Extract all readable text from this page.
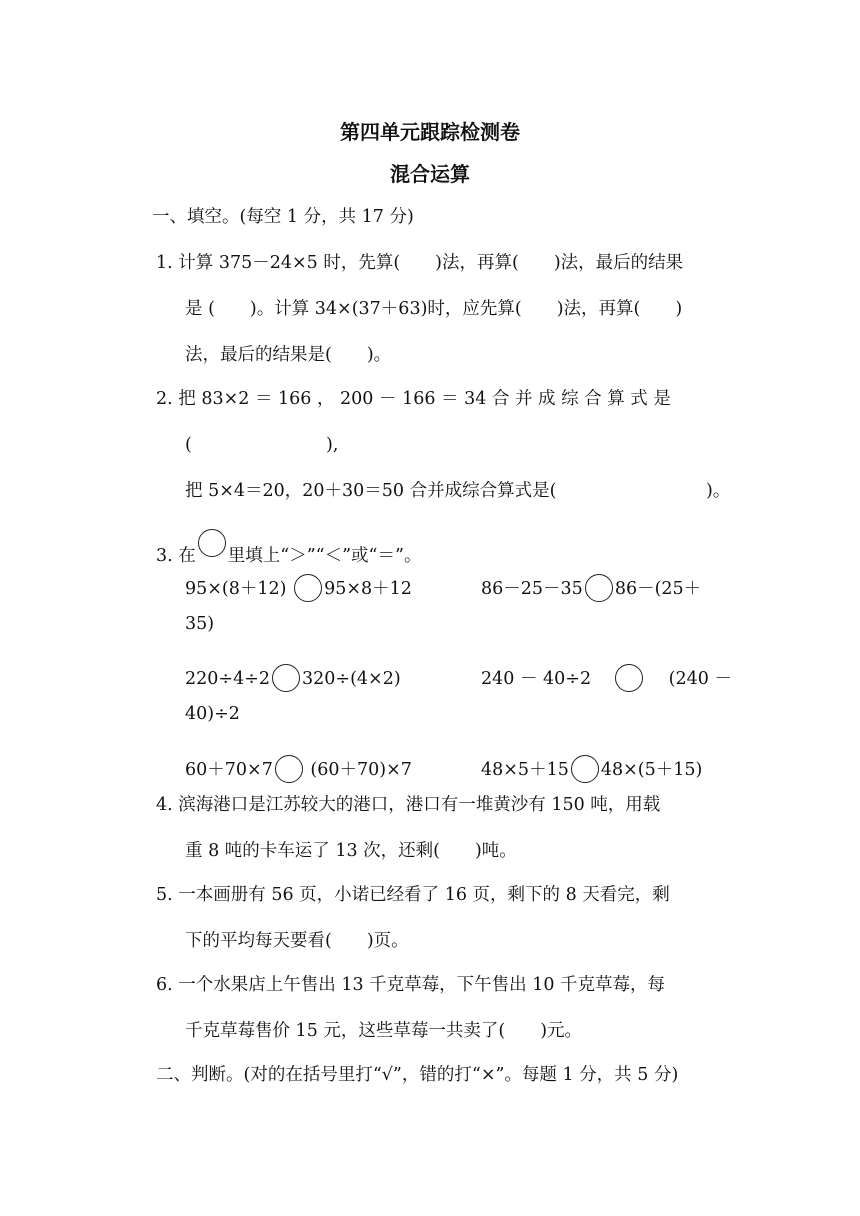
第四单元跟踪检测卷
混合运算
一、填空。(每空 1 分，共 17 分)
1. 计算 375－24×5 时，先算(　　)法，再算(　　)法，最后的结果
是 (　　)。计算 34×(37＋63)时，应先算(　　)法，再算(　　)
法，最后的结果是(　　)。
2. 把 83×2 ＝ 166 ， 200 － 166 ＝ 34 合 并 成 综 合 算 式 是
(	),
把 5×4＝20，20＋30＝50 合并成综合算式是(	)。
3. 在 里填上“＞”“＜”或“＝”。
95×(8＋12) 95×8＋12	86－25－35 86－(25＋
35)
220÷4÷2 320÷(4×2)	240 － 40÷2	(240 －
40)÷2
60＋70×7 (60＋70)×7	48×5＋15 48×(5＋15)
4. 滨海港口是江苏较大的港口，港口有一堆黄沙有 150 吨，用载
重 8 吨的卡车运了 13 次，还剩(　　)吨。
5. 一本画册有 56 页，小诺已经看了 16 页，剩下的 8 天看完，剩
下的平均每天要看(　　)页。
6. 一个水果店上午售出 13 千克草莓，下午售出 10 千克草莓，每
千克草莓售价 15 元，这些草莓一共卖了(　　)元。
二、判断。(对的在括号里打“√”，错的打“×”。每题 1 分，共 5 分)
